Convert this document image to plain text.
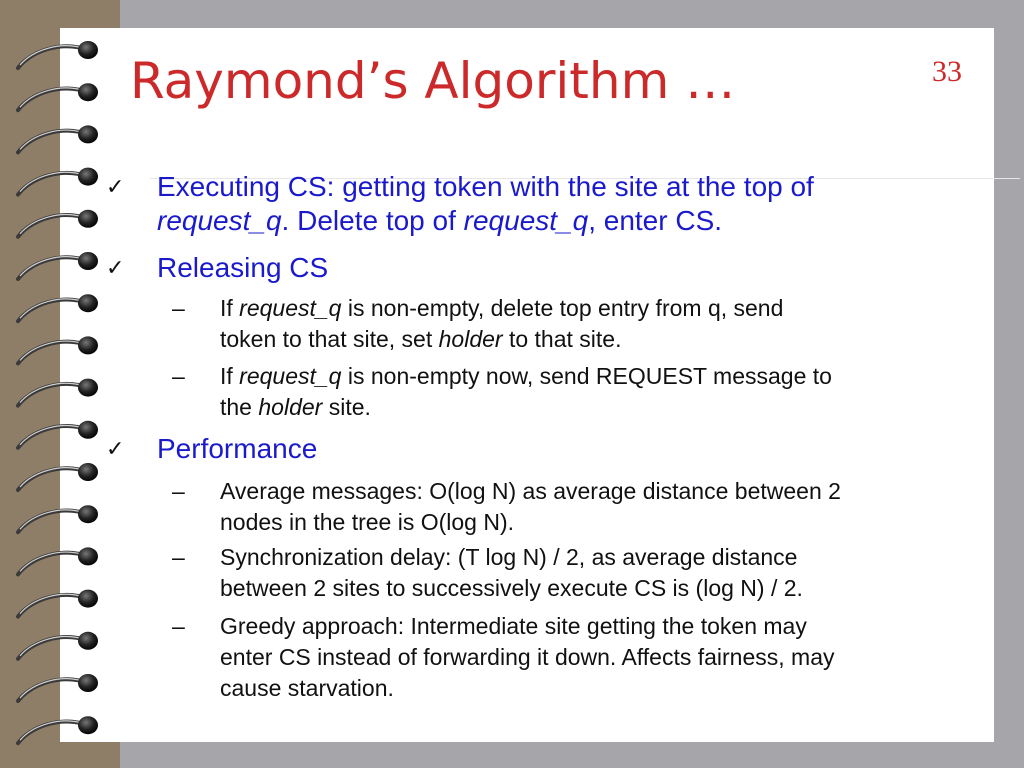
Raymond’s Algorithm …	33
✓ Executing CS: getting token with the site at the top of
request_q. Delete top of request_q, enter CS.
✓ Releasing CS
– If request_q is non-empty, delete top entry from q, send
token to that site, set holder to that site.
– If request_q is non-empty now, send REQUEST message to
the holder site.
✓ Performance
– Average messages: O(log N) as average distance between 2
nodes in the tree is O(log N).
– Synchronization delay: (T log N) / 2, as average distance
between 2 sites to successively execute CS is (log N) / 2.
– Greedy approach: Intermediate site getting the token may
enter CS instead of forwarding it down. Affects fairness, may
cause starvation.
